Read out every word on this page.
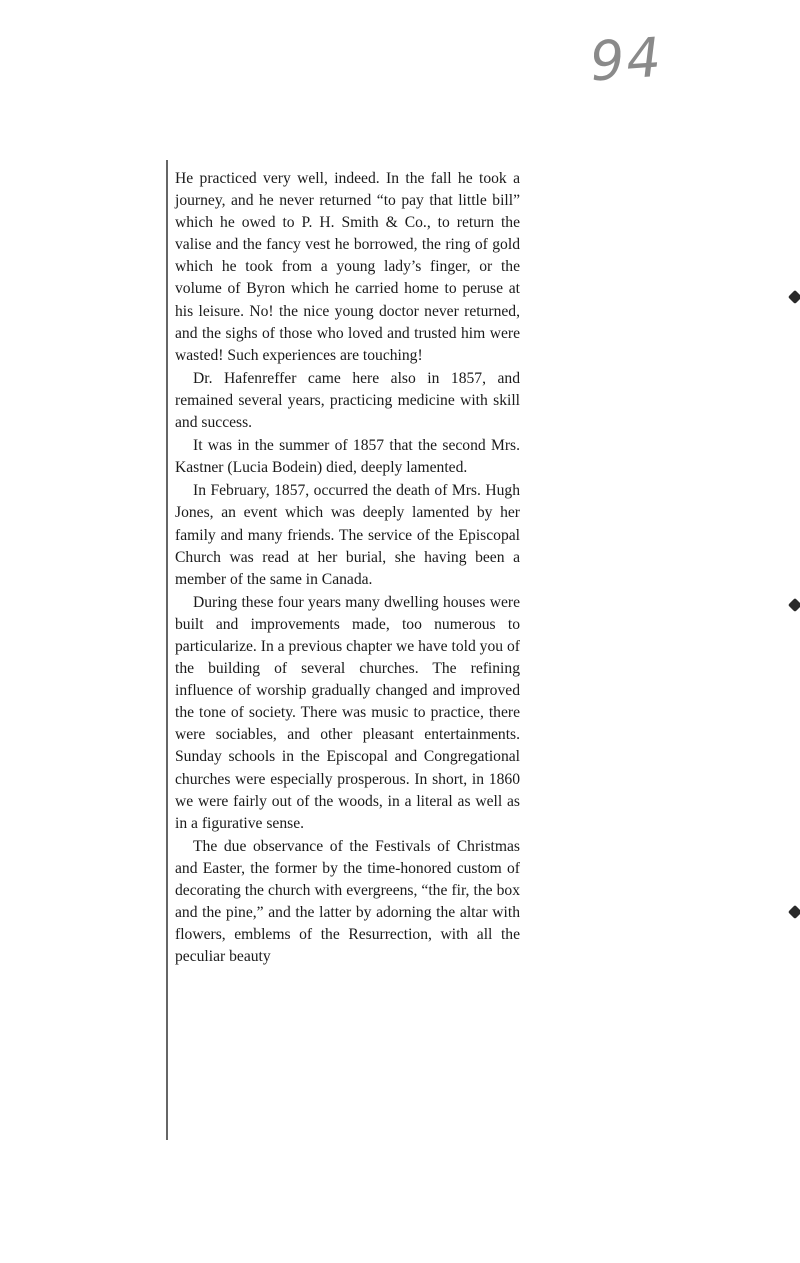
94

He practiced very well, indeed. In the fall he took a journey, and he never returned “to pay that little bill” which he owed to P. H. Smith & Co., to return the valise and the fancy vest he borrowed, the ring of gold which he took from a young lady’s finger, or the volume of Byron which he carried home to peruse at his leisure. No! the nice young doctor never returned, and the sighs of those who loved and trusted him were wasted! Such experiences are touching!

Dr. Hafenreffer came here also in 1857, and remained several years, practicing medicine with skill and success.

It was in the summer of 1857 that the second Mrs. Kastner (Lucia Bodein) died, deeply lamented.

In February, 1857, occurred the death of Mrs. Hugh Jones, an event which was deeply lamented by her family and many friends. The service of the Episcopal Church was read at her burial, she having been a member of the same in Canada.

During these four years many dwelling houses were built and improvements made, too numerous to particularize. In a previous chapter we have told you of the building of several churches. The refining influence of worship gradually changed and improved the tone of society. There was music to practice, there were sociables, and other pleasant entertainments. Sunday schools in the Episcopal and Congregational churches were especially prosperous. In short, in 1860 we were fairly out of the woods, in a literal as well as in a figurative sense.

The due observance of the Festivals of Christmas and Easter, the former by the time-honored custom of decorating the church with evergreens, “the fir, the box and the pine,” and the latter by adorning the altar with flowers, emblems of the Resurrection, with all the peculiar beauty
